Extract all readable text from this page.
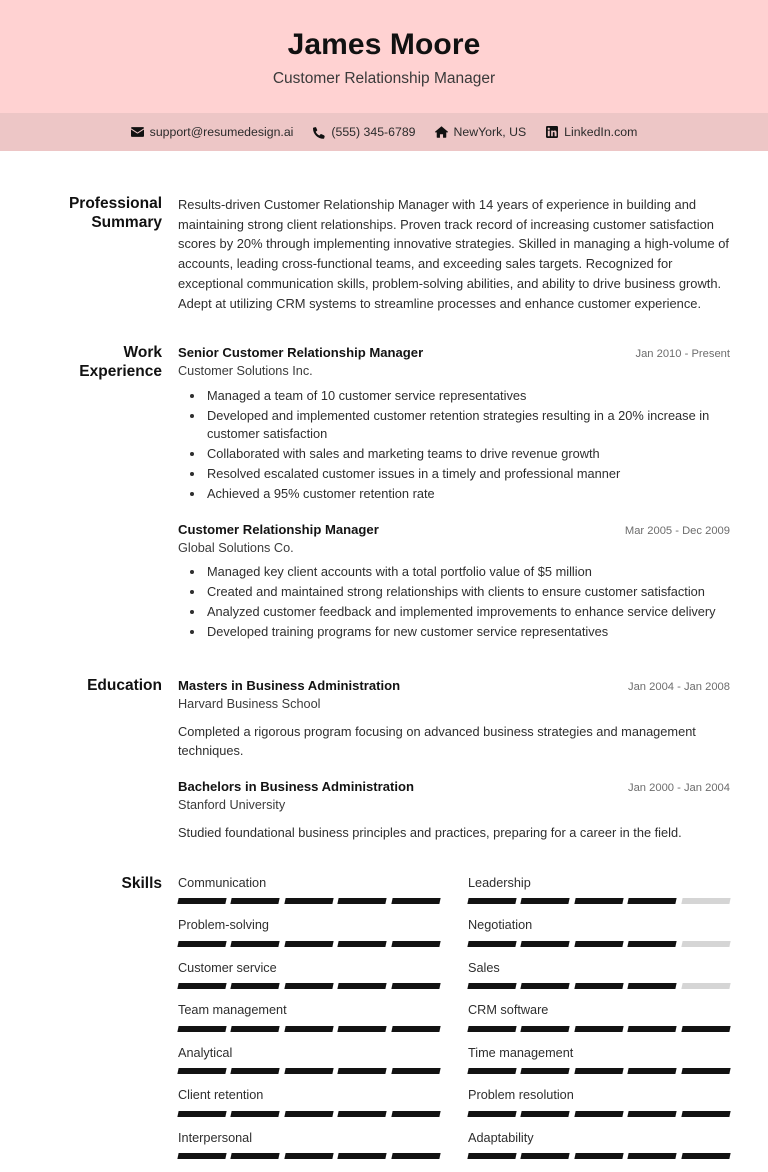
James Moore
Customer Relationship Manager
support@resumedesign.ai	(555) 345-6789	NewYork, US	LinkedIn.com
Professional Summary
Results-driven Customer Relationship Manager with 14 years of experience in building and maintaining strong client relationships. Proven track record of increasing customer satisfaction scores by 20% through implementing innovative strategies. Skilled in managing a high-volume of accounts, leading cross-functional teams, and exceeding sales targets. Recognized for exceptional communication skills, problem-solving abilities, and ability to drive business growth. Adept at utilizing CRM systems to streamline processes and enhance customer experience.
Work Experience
Senior Customer Relationship Manager	Jan 2010 - Present
Customer Solutions Inc.
• Managed a team of 10 customer service representatives
• Developed and implemented customer retention strategies resulting in a 20% increase in customer satisfaction
• Collaborated with sales and marketing teams to drive revenue growth
• Resolved escalated customer issues in a timely and professional manner
• Achieved a 95% customer retention rate
Customer Relationship Manager	Mar 2005 - Dec 2009
Global Solutions Co.
• Managed key client accounts with a total portfolio value of $5 million
• Created and maintained strong relationships with clients to ensure customer satisfaction
• Analyzed customer feedback and implemented improvements to enhance service delivery
• Developed training programs for new customer service representatives
Education	Masters in Business Administration	Jan 2004 - Jan 2008
Harvard Business School
Completed a rigorous program focusing on advanced business strategies and management techniques.
Bachelors in Business Administration	Jan 2000 - Jan 2004
Stanford University
Studied foundational business principles and practices, preparing for a career in the field.
Skills	Communication	Leadership
Problem-solving	Negotiation
Customer service	Sales
Team management	CRM software
Analytical	Time management
Client retention	Problem resolution
Interpersonal	Adaptability
